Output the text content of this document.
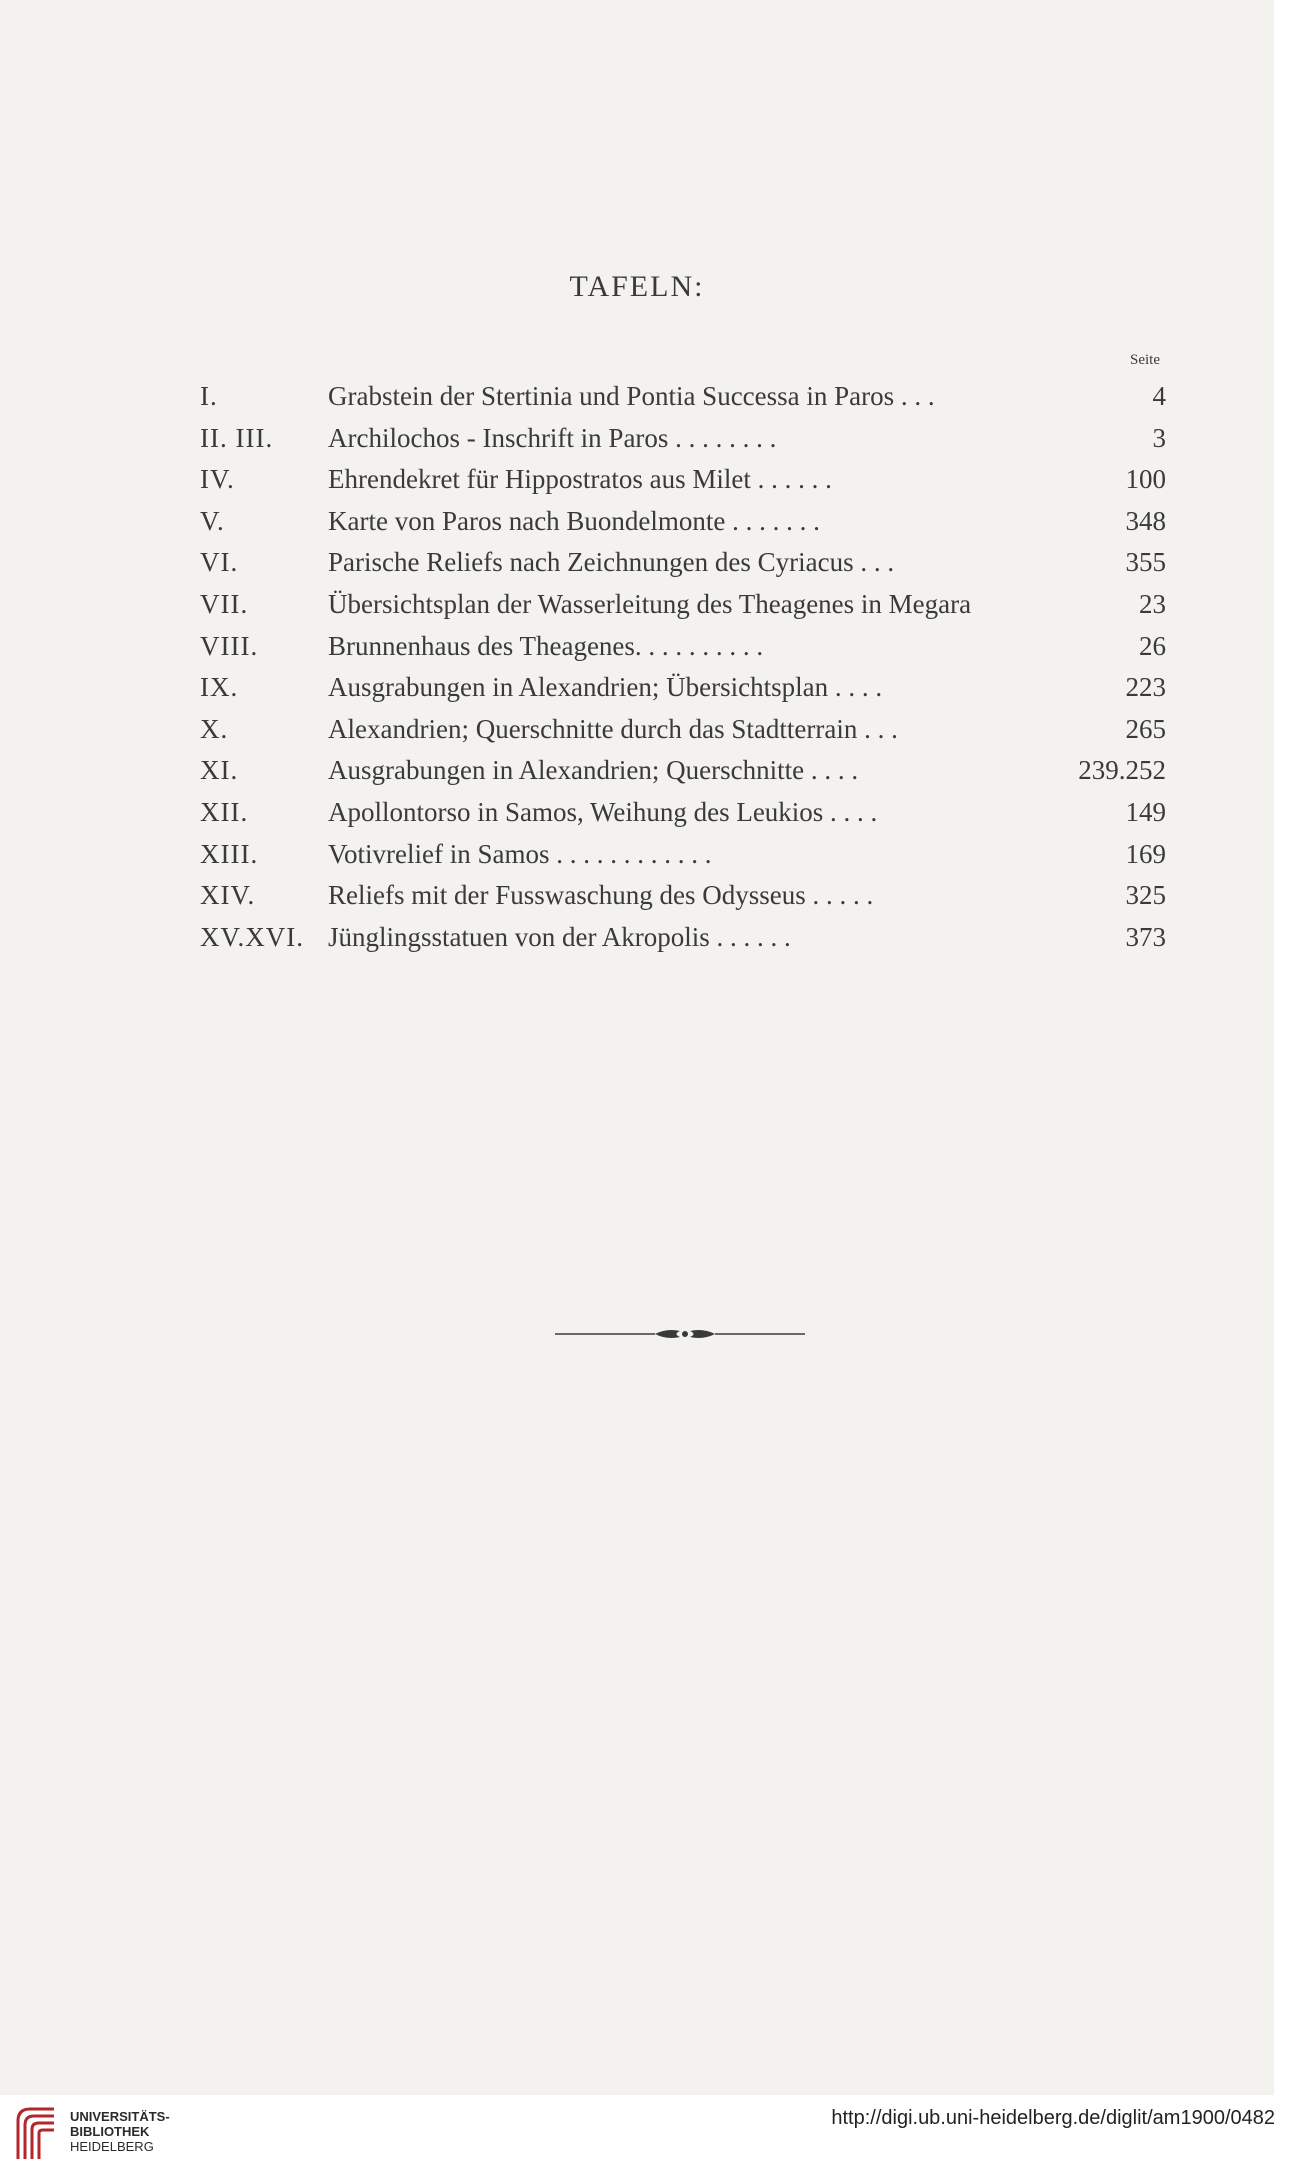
TAFELN:
Seite
I.	Grabstein der Stertinia und Pontia Successa in Paros . . .	4
II. III. Archilochos - Inschrift in Paros . . . . . . . .	3
IV.	Ehrendekret für Hippostratos aus Milet . . . . . .	100
V.	Karte von Paros nach Buondelmonte . . . . . . .	348
VI.	Parische Reliefs nach Zeichnungen des Cyriacus . . .	355
VII.	Übersichtsplan der Wasserleitung des Theagenes in Megara	23
VIII.	Brunnenhaus des Theagenes. . . . . . . . . .	26
IX.	Ausgrabungen in Alexandrien; Übersichtsplan . . . .	223
X.	Alexandrien; Querschnitte durch das Stadtterrain . . .	265
XI.	Ausgrabungen in Alexandrien; Querschnitte . . . .	239.252
XII.	Apollontorso in Samos, Weihung des Leukios . . . .	149
XIII.	Votivrelief in Samos . . . . . . . . . . . .	169
XIV.	Reliefs mit der Fusswaschung des Odysseus . . . . .	325
XV.XVI. Jünglingsstatuen von der Akropolis . . . . . .	373
UNIVERSITÄTS-
BIBLIOTHEK
HEIDELBERG
http://digi.ub.uni-heidelberg.de/diglit/am1900/0482
